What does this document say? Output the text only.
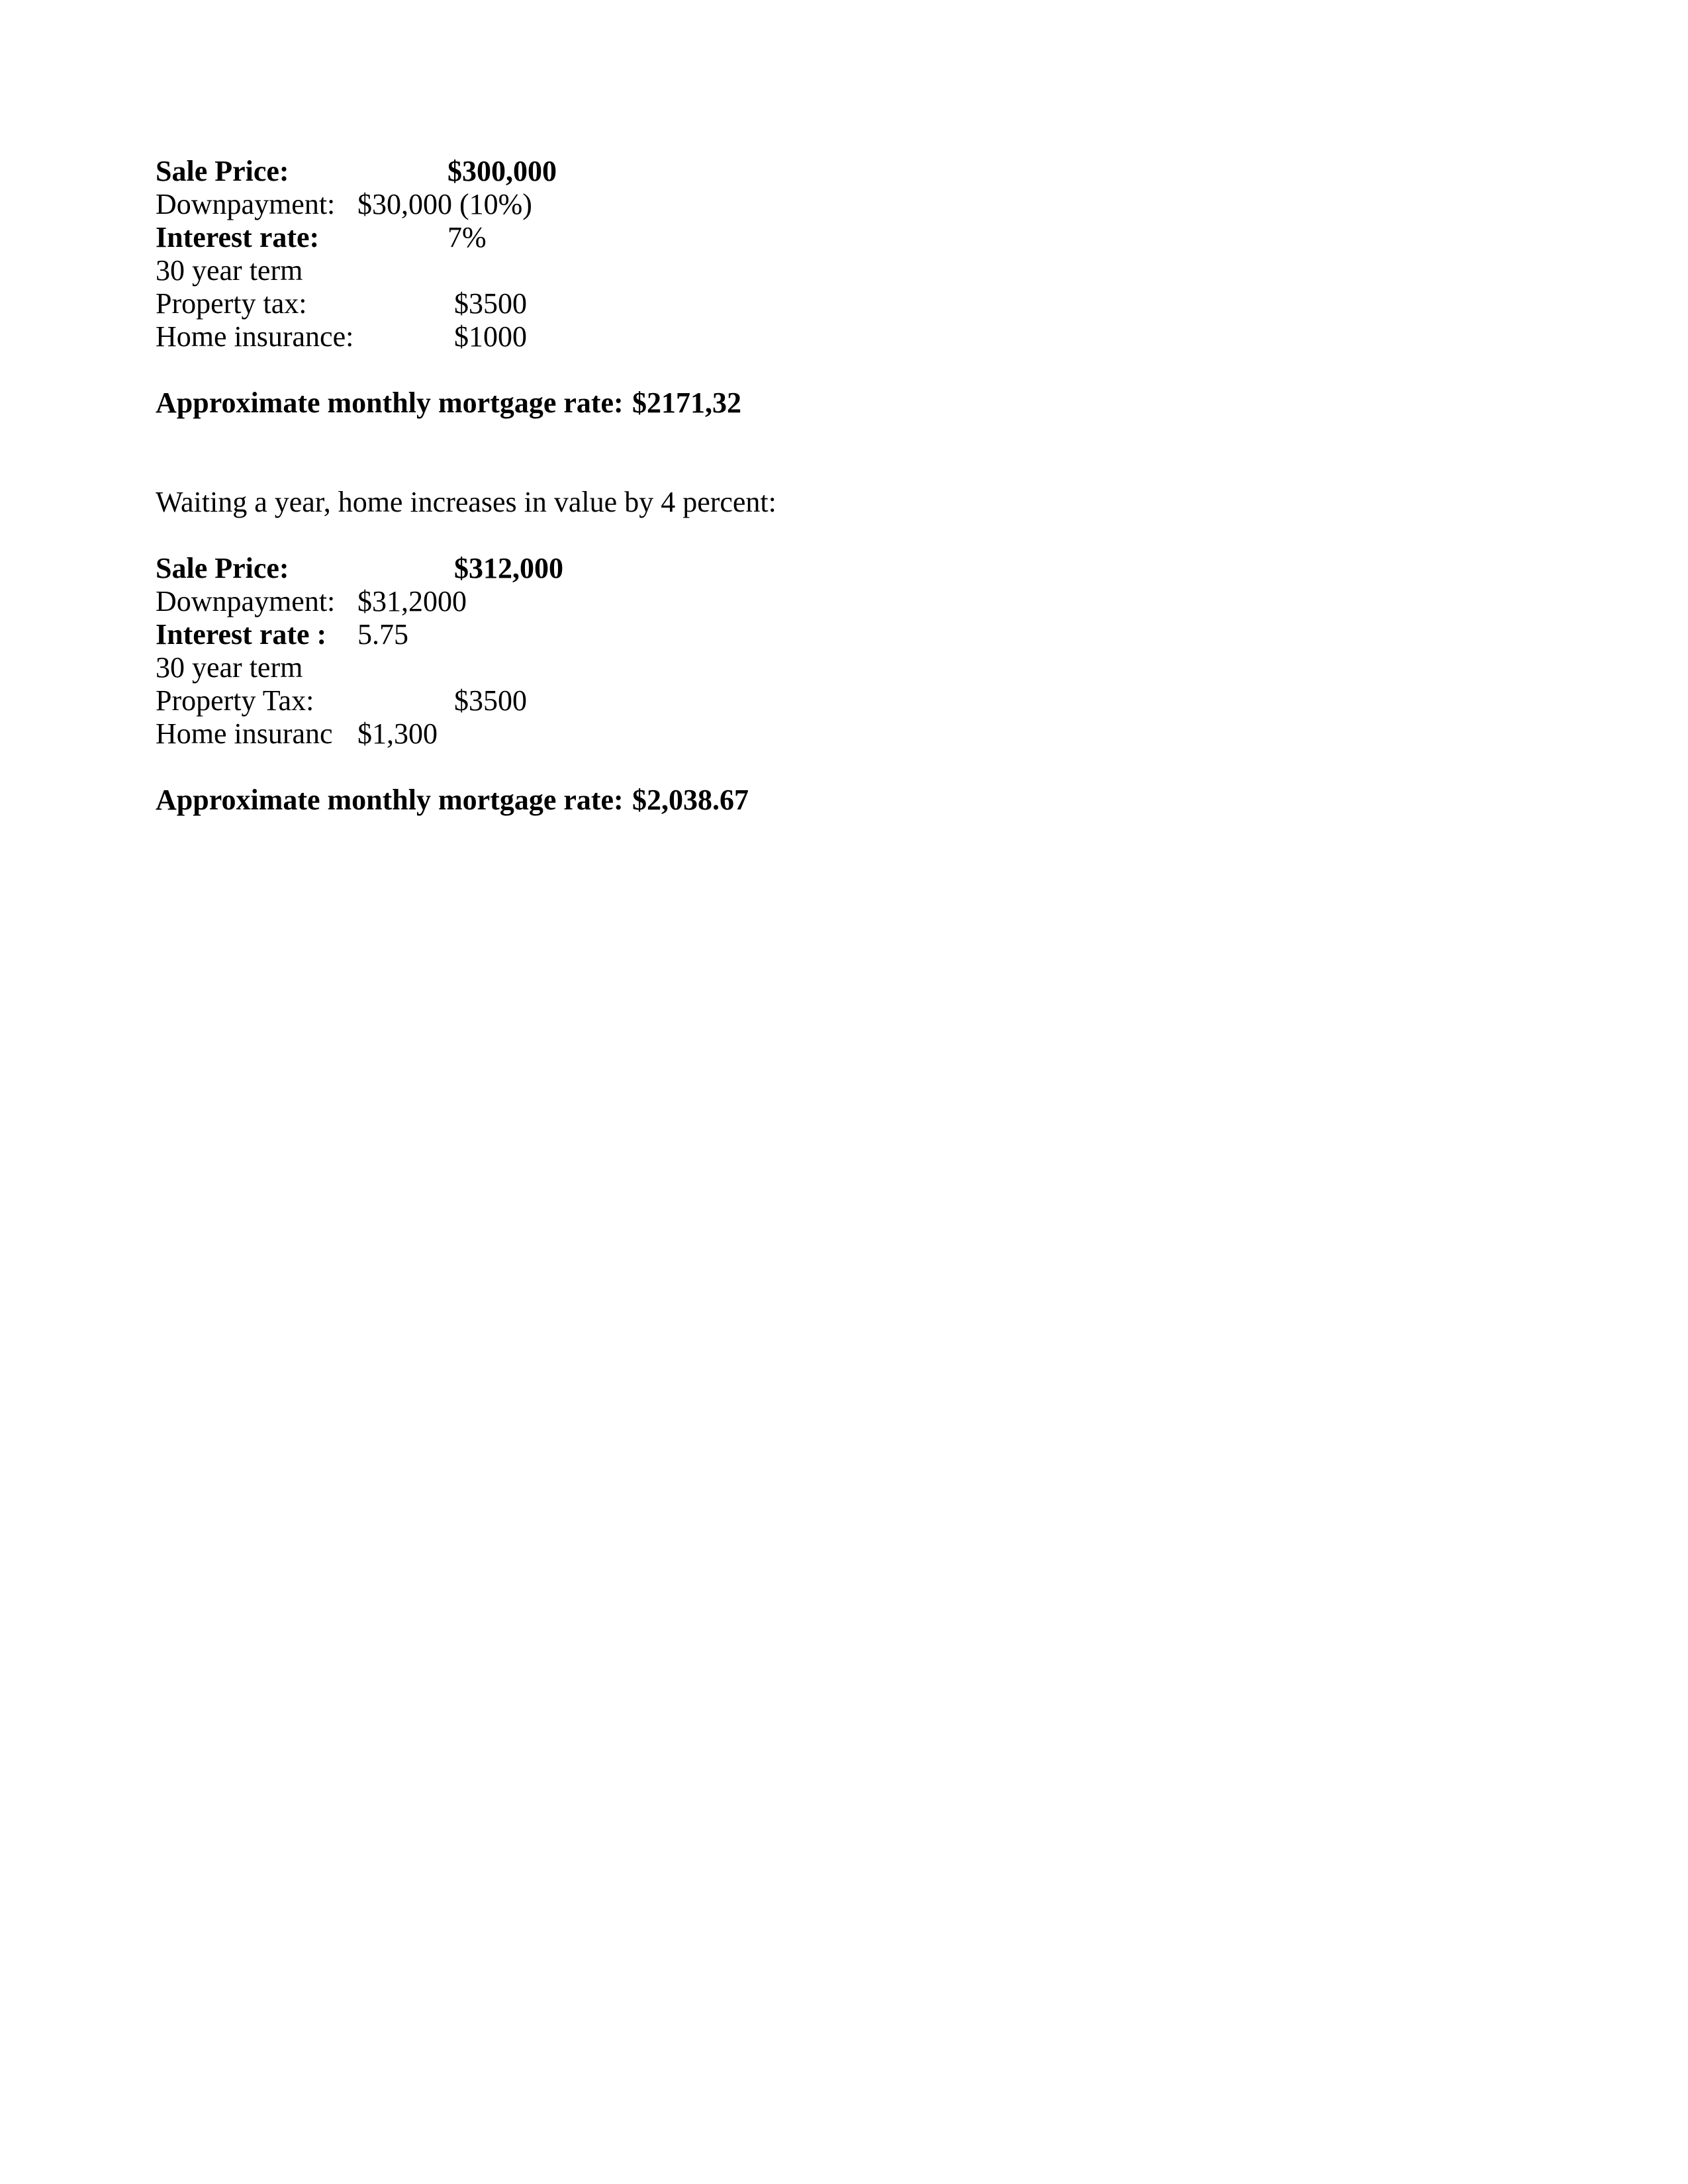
Sale Price:	$300,000
Downpayment: $30,000 (10%)
Interest rate:	7%
30 year term
Property tax:	$3500
Home insurance:	$1000
Approximate monthly mortgage rate: $2171,32
Waiting a year, home increases in value by 4 percent:
Sale Price:	$312,000
Downpayment: $31,2000
Interest rate : 5.75
30 year term
Property Tax:	$3500
Home insuranc $1,300
Approximate monthly mortgage rate: $2,038.67
